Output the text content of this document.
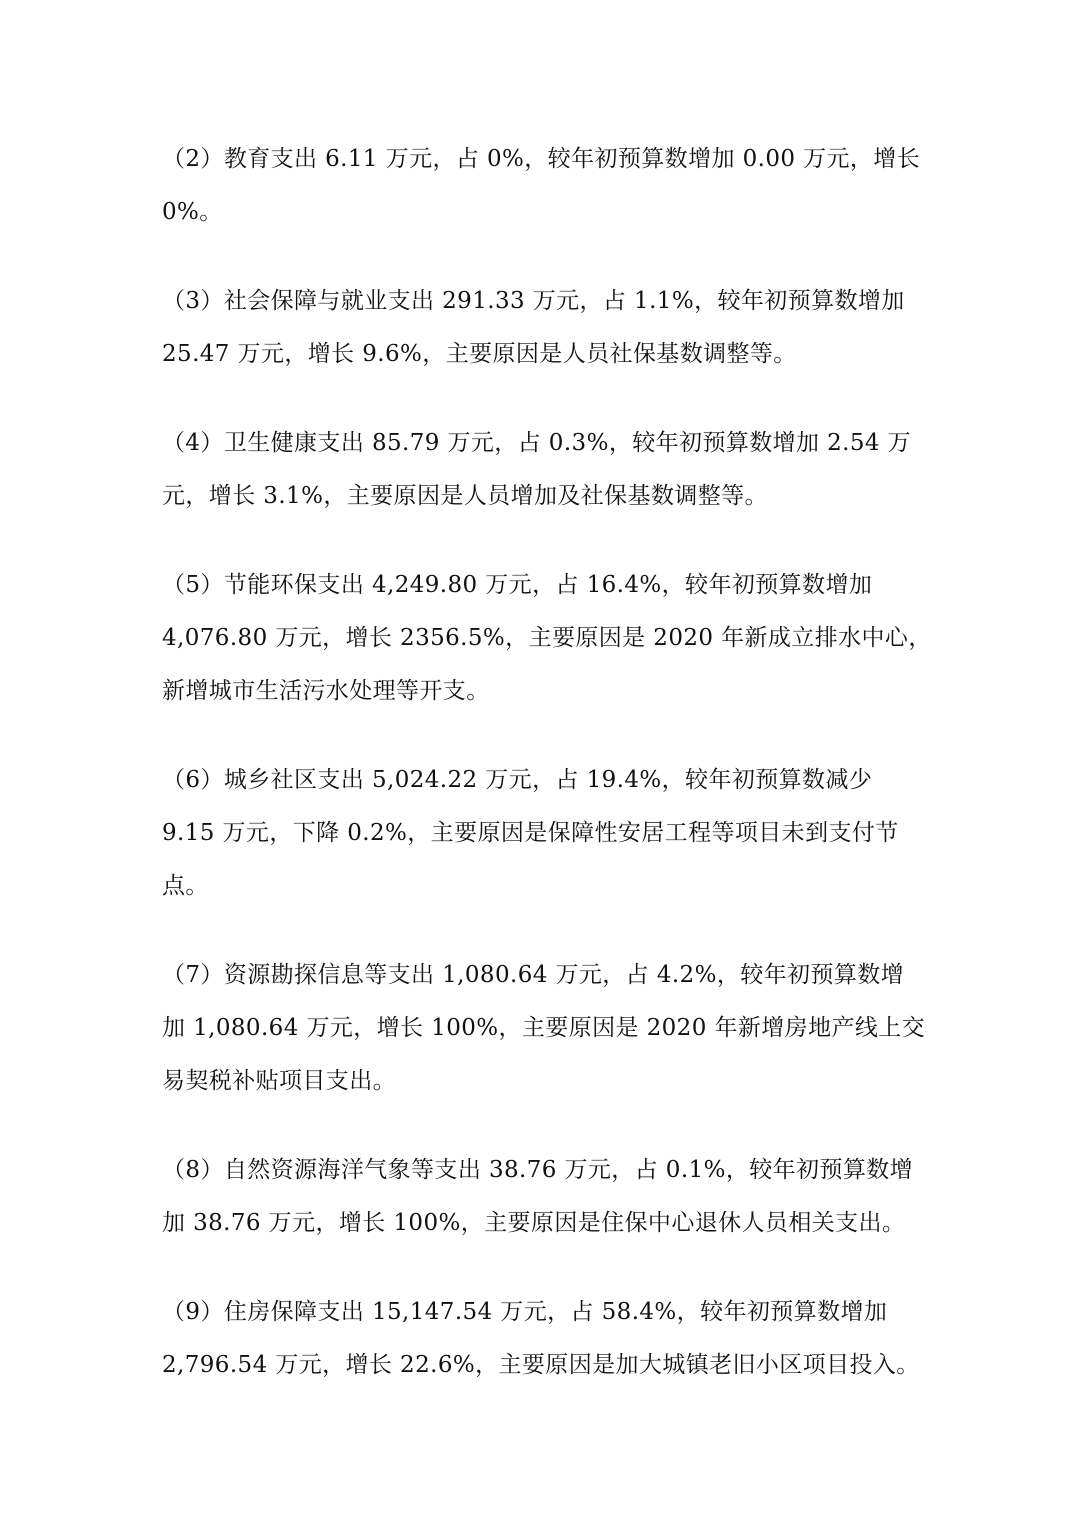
（2）教育支出 6.11 万元，占 0%，较年初预算数增加 0.00 万元，增长
0%。

（3）社会保障与就业支出 291.33 万元，占 1.1%，较年初预算数增加
25.47 万元，增长 9.6%，主要原因是人员社保基数调整等。

（4）卫生健康支出 85.79 万元，占 0.3%，较年初预算数增加 2.54 万
元，增长 3.1%，主要原因是人员增加及社保基数调整等。

（5）节能环保支出 4,249.80 万元，占 16.4%，较年初预算数增加
4,076.80 万元，增长 2356.5%，主要原因是 2020 年新成立排水中心，
新增城市生活污水处理等开支。

（6）城乡社区支出 5,024.22 万元，占 19.4%，较年初预算数减少
9.15 万元，下降 0.2%，主要原因是保障性安居工程等项目未到支付节
点。

（7）资源勘探信息等支出 1,080.64 万元，占 4.2%，较年初预算数增
加 1,080.64 万元，增长 100%，主要原因是 2020 年新增房地产线上交
易契税补贴项目支出。

（8）自然资源海洋气象等支出 38.76 万元，占 0.1%，较年初预算数增
加 38.76 万元，增长 100%，主要原因是住保中心退休人员相关支出。

（9）住房保障支出 15,147.54 万元，占 58.4%，较年初预算数增加
2,796.54 万元，增长 22.6%，主要原因是加大城镇老旧小区项目投入。
